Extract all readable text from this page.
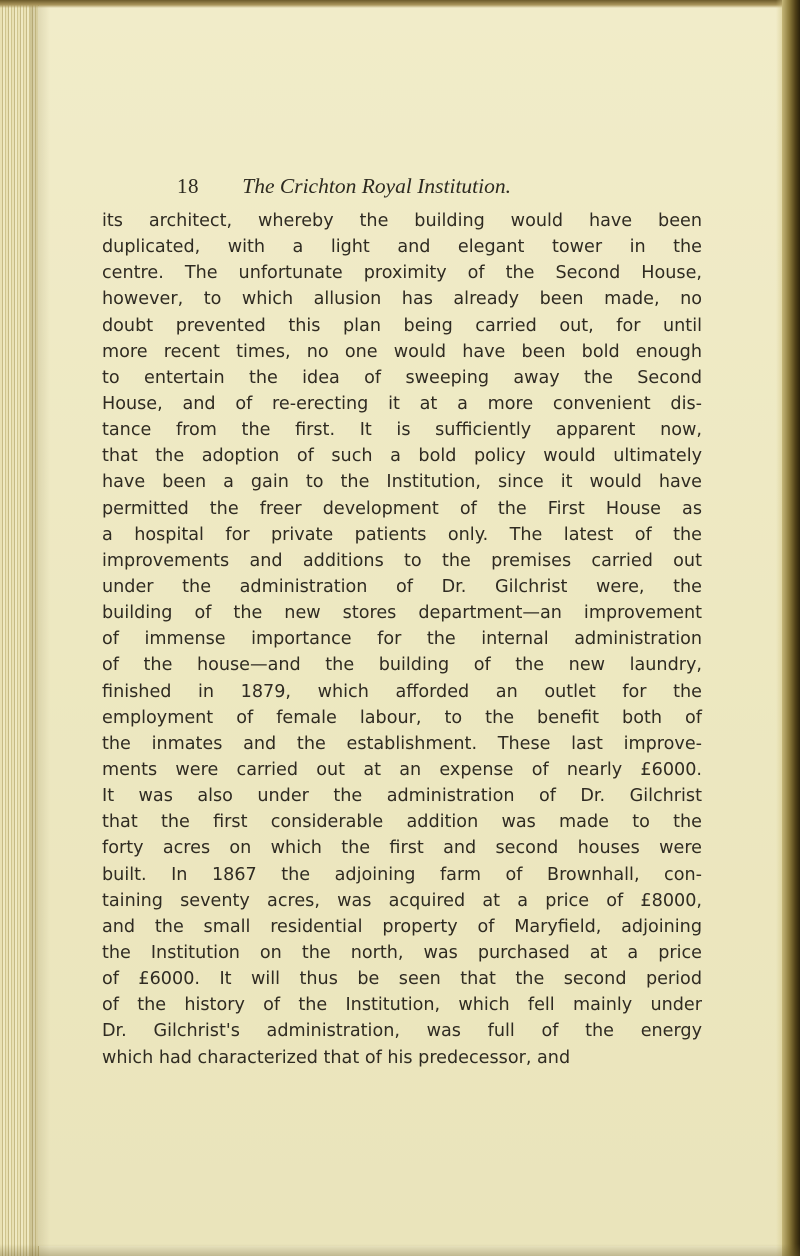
18 The Crichton Royal Institution.
its architect, whereby the building would have been
duplicated, with a light and elegant tower in the
centre. The unfortunate proximity of the Second House,
however, to which allusion has already been made, no
doubt prevented this plan being carried out, for until
more recent times, no one would have been bold enough
to entertain the idea of sweeping away the Second
House, and of re-erecting it at a more convenient dis-
tance from the first. It is sufficiently apparent now,
that the adoption of such a bold policy would ultimately
have been a gain to the Institution, since it would have
permitted the freer development of the First House as
a hospital for private patients only. The latest of the
improvements and additions to the premises carried out
under the administration of Dr. Gilchrist were, the
building of the new stores department—an improvement
of immense importance for the internal administration
of the house—and the building of the new laundry,
finished in 1879, which afforded an outlet for the
employment of female labour, to the benefit both of
the inmates and the establishment. These last improve-
ments were carried out at an expense of nearly £6000.
It was also under the administration of Dr. Gilchrist
that the first considerable addition was made to the
forty acres on which the first and second houses were
built. In 1867 the adjoining farm of Brownhall, con-
taining seventy acres, was acquired at a price of £8000,
and the small residential property of Maryfield, adjoining
the Institution on the north, was purchased at a price
of £6000. It will thus be seen that the second period
of the history of the Institution, which fell mainly under
Dr. Gilchrist's administration, was full of the energy
which had characterized that of his predecessor, and
